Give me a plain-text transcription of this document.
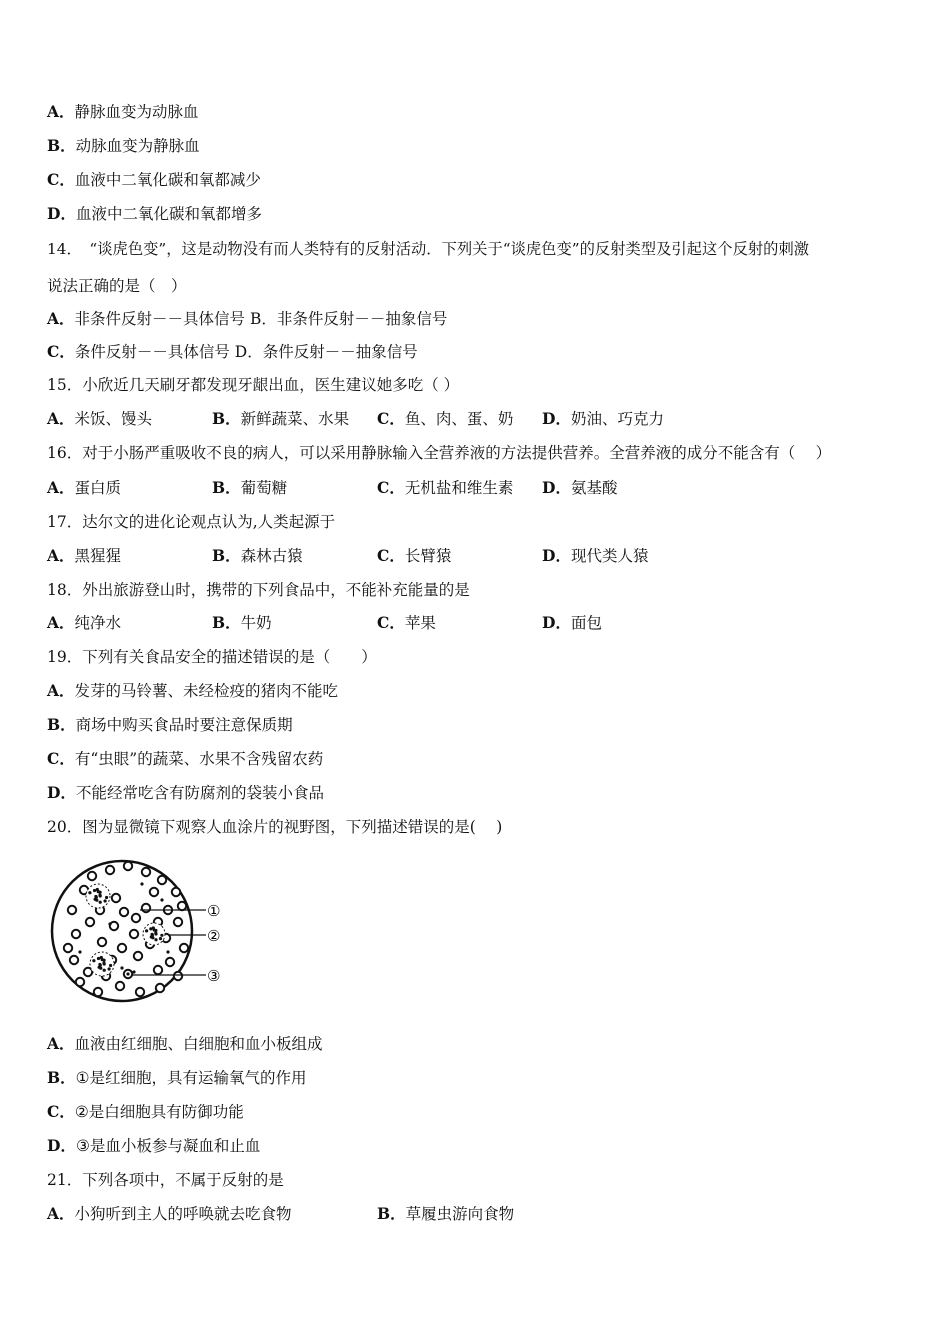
A．静脉血变为动脉血
B．动脉血变为静脉血
C．血液中二氧化碳和氧都减少
D．血液中二氧化碳和氧都增多
14．　“谈虎色变”，这是动物没有而人类特有的反射活动．下列关于“谈虎色变”的反射类型及引起这个反射的刺激
说法正确的是（　）
A．非条件反射－－具体信号 B．非条件反射－－抽象信号
C．条件反射－－具体信号 D．条件反射－－抽象信号
15．小欣近几天刷牙都发现牙龈出血，医生建议她多吃（ ）
A．米饭、馒头	B．新鲜蔬菜、水果 C．鱼、肉、蛋、奶 D．奶油、巧克力
16．对于小肠严重吸收不良的病人，可以采用静脉输入全营养液的方法提供营养。全营养液的成分不能含有（　 ）
A．蛋白质	B．葡萄糖	C．无机盐和维生素 D．氨基酸
17．达尔文的进化论观点认为,人类起源于
A．黑猩猩	B．森林古猿	C．长臂猿	D．现代类人猿
18．外出旅游登山时，携带的下列食品中，不能补充能量的是
A．纯净水	B．牛奶	C．苹果	D．面包
19．下列有关食品安全的描述错误的是（　　）
A．发芽的马铃薯、未经检疫的猪肉不能吃
B．商场中购买食品时要注意保质期
C．有“虫眼”的蔬菜、水果不含残留农药
D．不能经常吃含有防腐剂的袋装小食品
20．图为显微镜下观察人血涂片的视野图，下列描述错误的是(　 )
①
②
③
A．血液由红细胞、白细胞和血小板组成
B．①是红细胞，具有运输氧气的作用
C．②是白细胞具有防御功能
D．③是血小板参与凝血和止血
21．下列各项中，不属于反射的是
A．小狗听到主人的呼唤就去吃食物	B．草履虫游向食物
